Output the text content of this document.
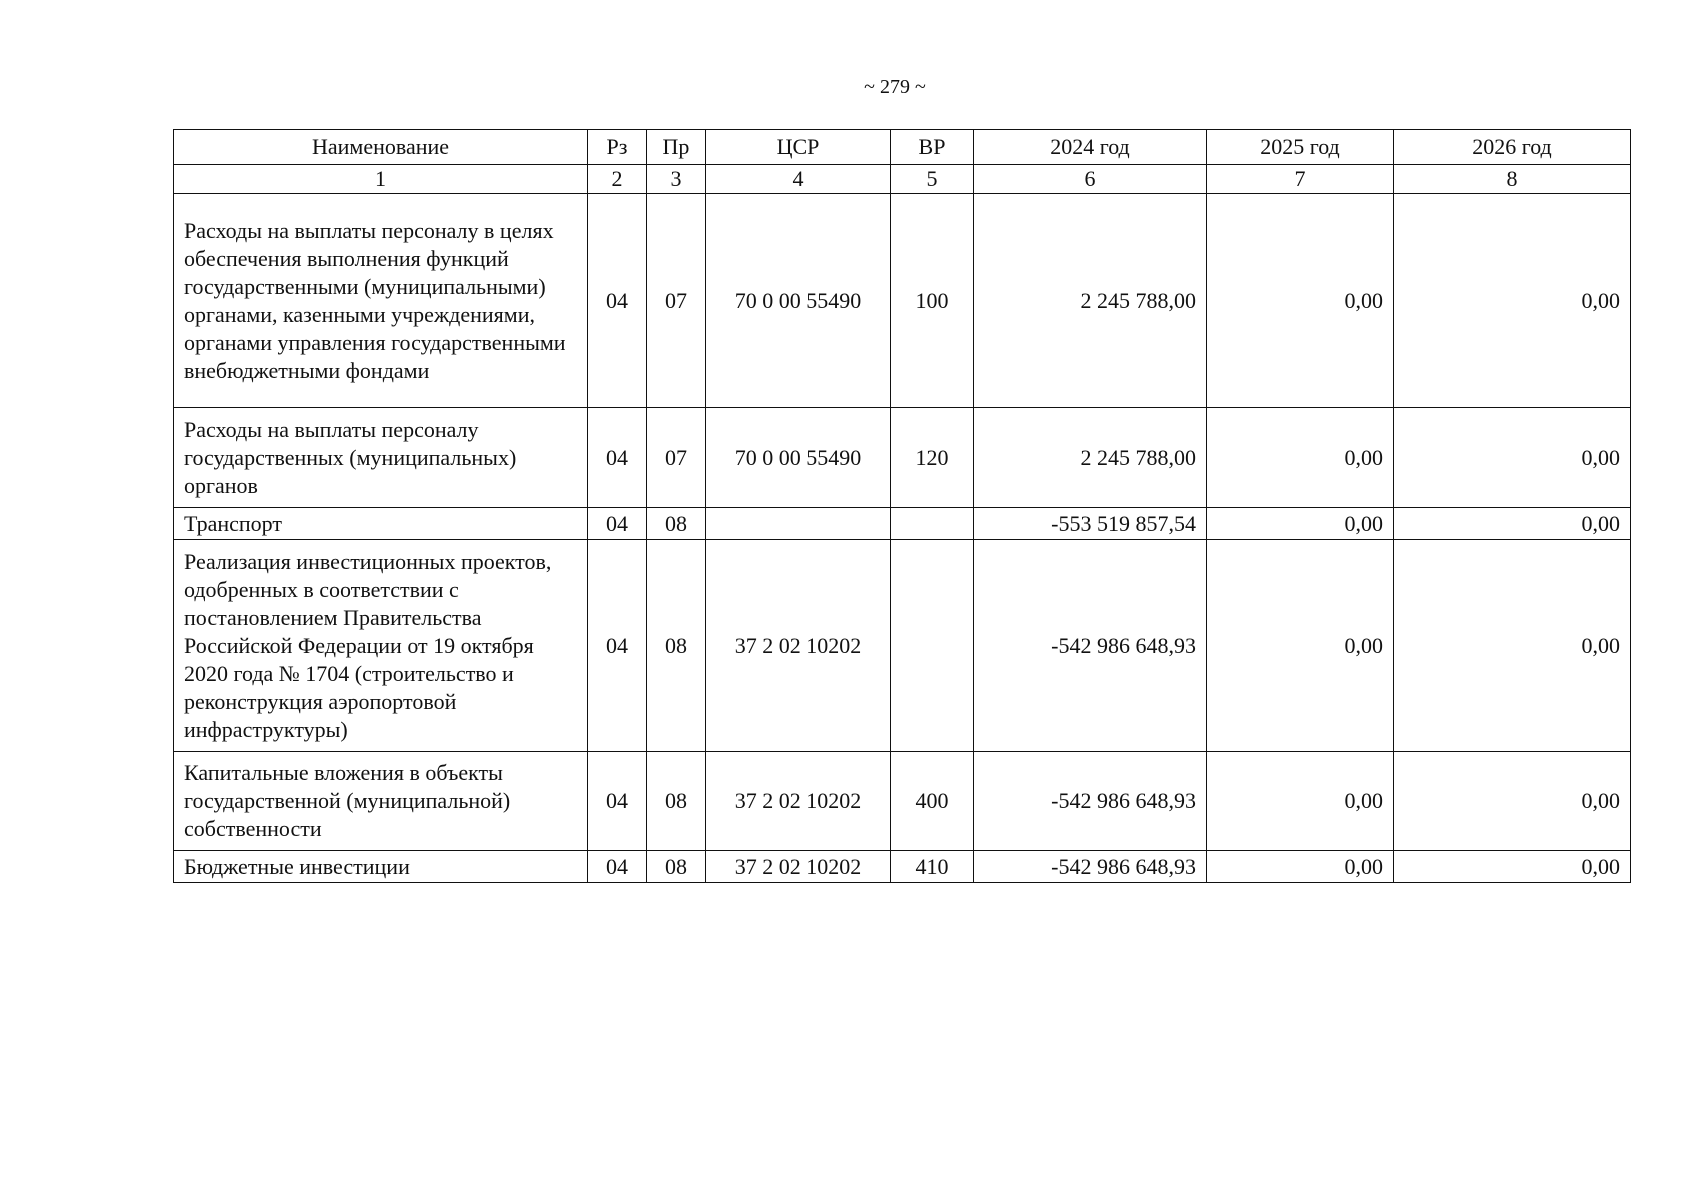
~ 279 ~
Наименование	Рз	Пр	ЦСР	ВР	2024 год	2025 год	2026 год
1	2	3	4	5	6	7	8
Расходы на выплаты персоналу в целях обеспечения выполнения функций государственными (муниципальными) органами, казенными учреждениями, органами управления государственными внебюджетными фондами	04	07	70 0 00 55490	100	2 245 788,00	0,00	0,00
Расходы на выплаты персоналу государственных (муниципальных) органов	04	07	70 0 00 55490	120	2 245 788,00	0,00	0,00
Транспорт	04	08			-553 519 857,54	0,00	0,00
Реализация инвестиционных проектов, одобренных в соответствии с постановлением Правительства Российской Федерации от 19 октября 2020 года № 1704 (строительство и реконструкция аэропортовой инфраструктуры)	04	08	37 2 02 10202		-542 986 648,93	0,00	0,00
Капитальные вложения в объекты государственной (муниципальной) собственности	04	08	37 2 02 10202	400	-542 986 648,93	0,00	0,00
Бюджетные инвестиции	04	08	37 2 02 10202	410	-542 986 648,93	0,00	0,00
